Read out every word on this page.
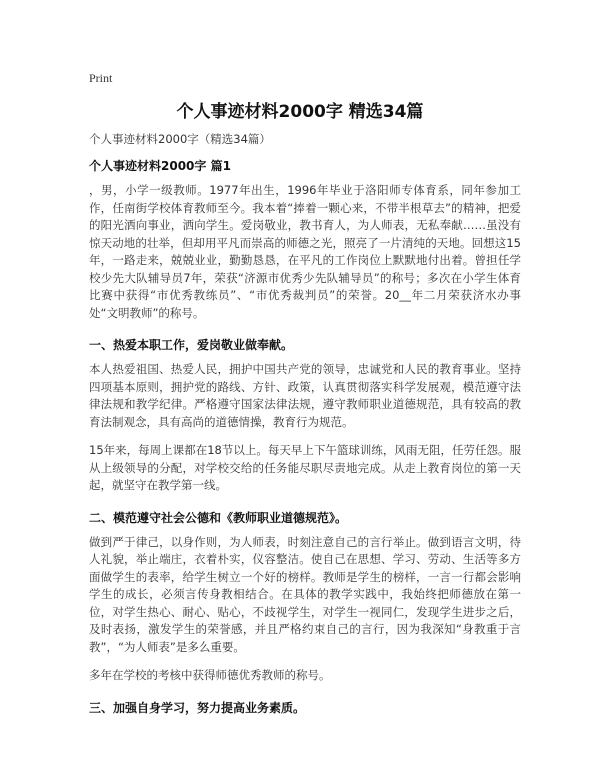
Print
个人事迹材料2000字 精选34篇

个人事迹材料2000字（精选34篇）

个人事迹材料2000字 篇1

，男，小学一级教师。1977年出生，1996年毕业于洛阳师专体育系，同年参加工作，任南街学校体育教师至今。我本着“捧着一颗心来，不带半根草去”的精神，把爱的阳光洒向事业，洒向学生。爱岗敬业，教书育人，为人师表，无私奉献……虽没有惊天动地的壮举，但却用平凡而崇高的师德之光，照亮了一片清纯的天地。回想这15年，一路走来，兢兢业业，勤勤恳恳，在平凡的工作岗位上默默地付出着。曾担任学校少先大队辅导员7年，荣获“济源市优秀少先队辅导员”的称号；多次在小学生体育比赛中获得“市优秀教练员”、“市优秀裁判员”的荣誉。20__年二月荣获济水办事处“文明教师”的称号。

一、热爱本职工作，爱岗敬业做奉献。

本人热爱祖国、热爱人民，拥护中国共产党的领导，忠诚党和人民的教育事业。坚持四项基本原则，拥护党的路线、方针、政策，认真贯彻落实科学发展观，模范遵守法律法规和教学纪律。严格遵守国家法律法规，遵守教师职业道德规范，具有较高的教育法制观念，具有高尚的道德情操，教育行为规范。

15年来，每周上课都在18节以上。每天早上下午篮球训练，风雨无阻，任劳任怨。服从上级领导的分配，对学校交给的任务能尽职尽责地完成。从走上教育岗位的第一天起，就坚守在教学第一线。

二、模范遵守社会公德和《教师职业道德规范》。

做到严于律己，以身作则，为人师表，时刻注意自己的言行举止。做到语言文明，待人礼貌，举止端庄，衣着朴实，仪容整洁。使自己在思想、学习、劳动、生活等多方面做学生的表率，给学生树立一个好的榜样。教师是学生的榜样，一言一行都会影响学生的成长，必须言传身教相结合。在具体的教学实践中，我始终把师德放在第一位，对学生热心、耐心、贴心，不歧视学生，对学生一视同仁，发现学生进步之后，及时表扬，激发学生的荣誉感，并且严格约束自己的言行，因为我深知“身教重于言教”，“为人师表”是多么重要。

多年在学校的考核中获得师德优秀教师的称号。

三、加强自身学习，努力提高业务素质。
